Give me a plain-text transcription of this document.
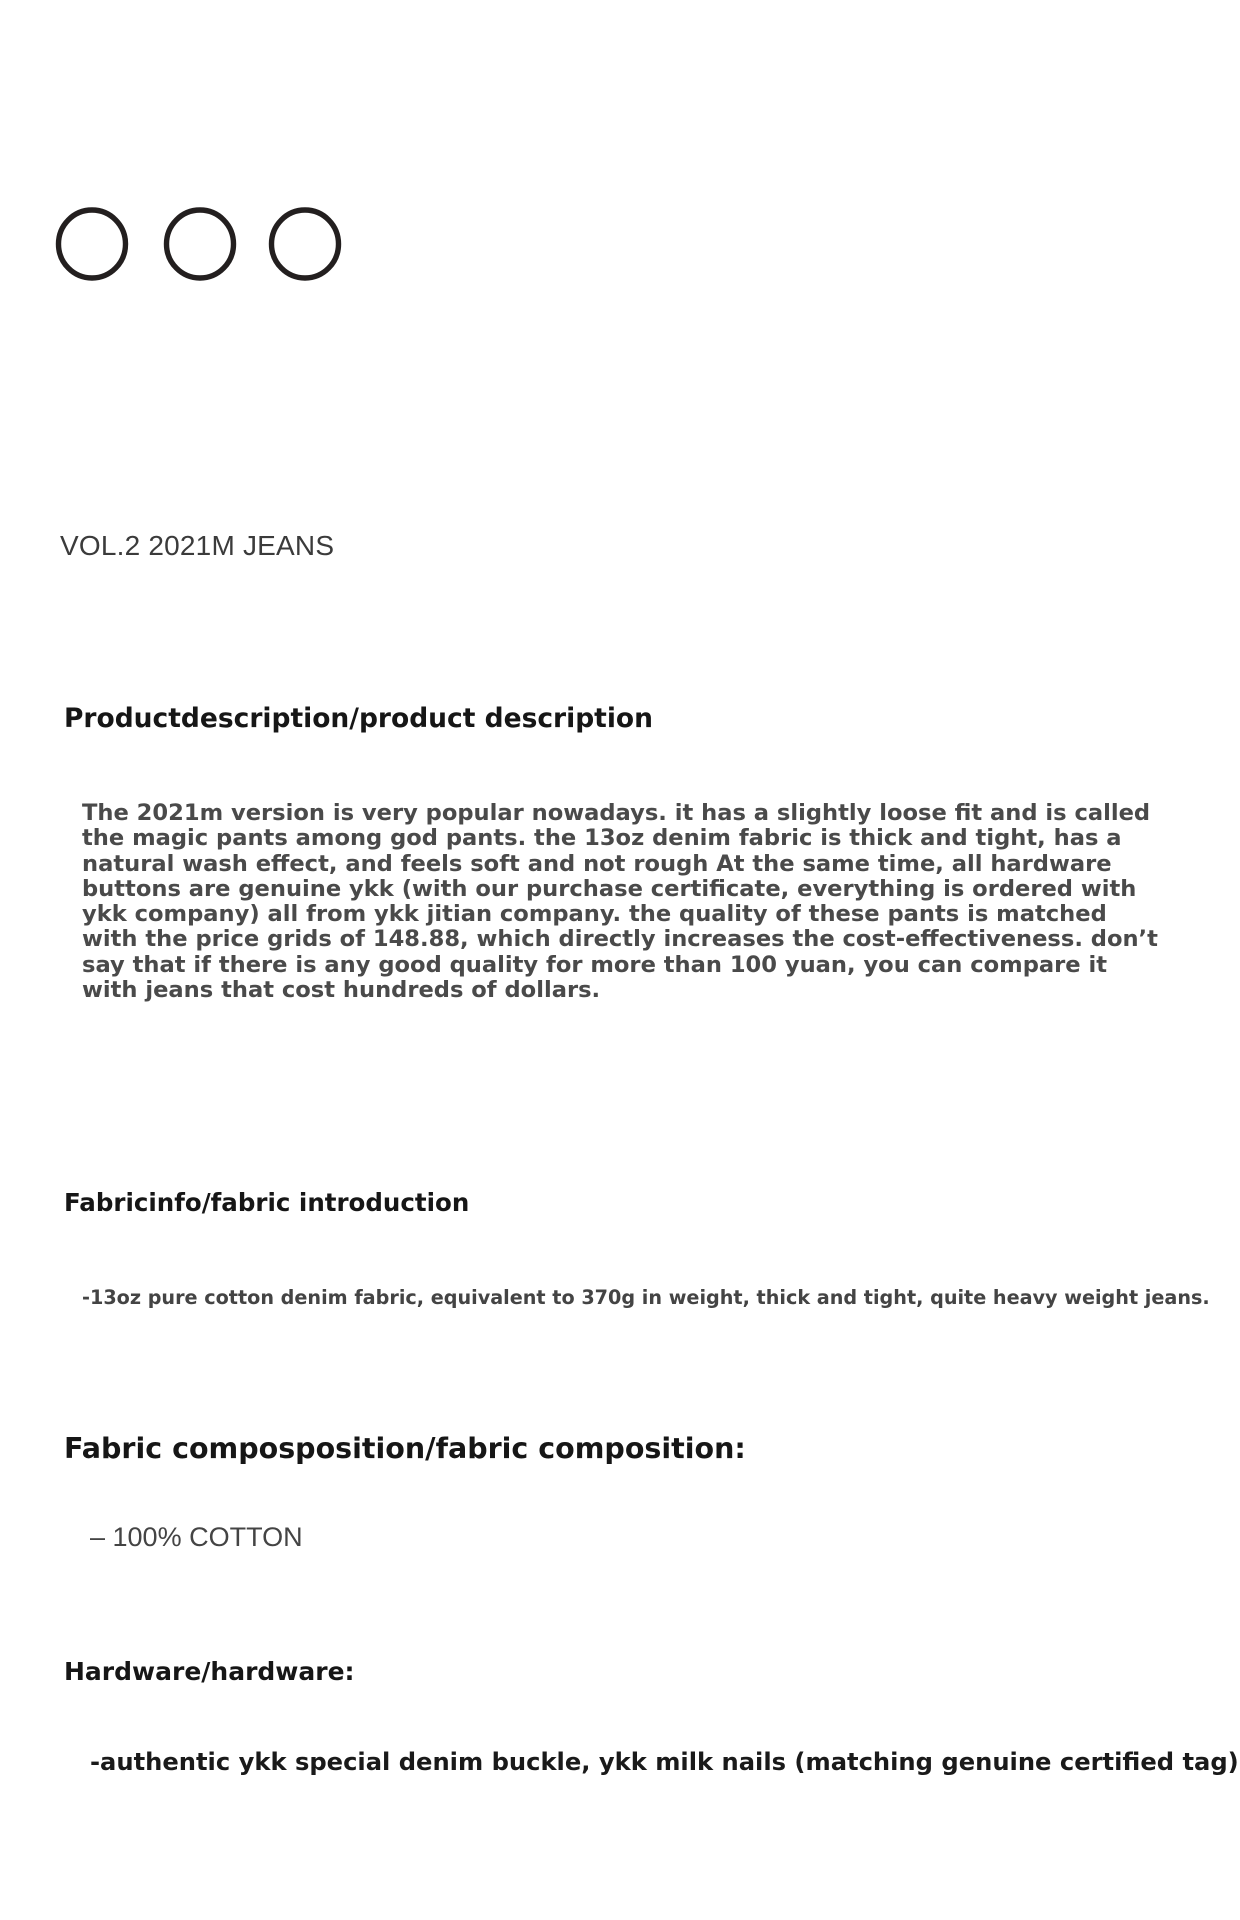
VOL.2 2021M JEANS
Productdescription/product description

The 2021m version is very popular nowadays. it has a slightly loose fit and is called the magic pants among god pants. the 13oz denim fabric is thick and tight, has a natural wash effect, and feels soft and not rough At the same time, all hardware buttons are genuine ykk (with our purchase certificate, everything is ordered with ykk company) all from ykk jitian company. the quality of these pants is matched with the price grids of 148.88, which directly increases the cost-effectiveness. don’t say that if there is any good quality for more than 100 yuan, you can compare it with jeans that cost hundreds of dollars.

Fabricinfo/fabric introduction
-13oz pure cotton denim fabric, equivalent to 370g in weight, thick and tight, quite heavy weight jeans.
Fabric composposition/fabric composition:
– 100% COTTON
Hardware/hardware:
-authentic ykk special denim buckle, ykk milk nails (matching genuine certified tag)
